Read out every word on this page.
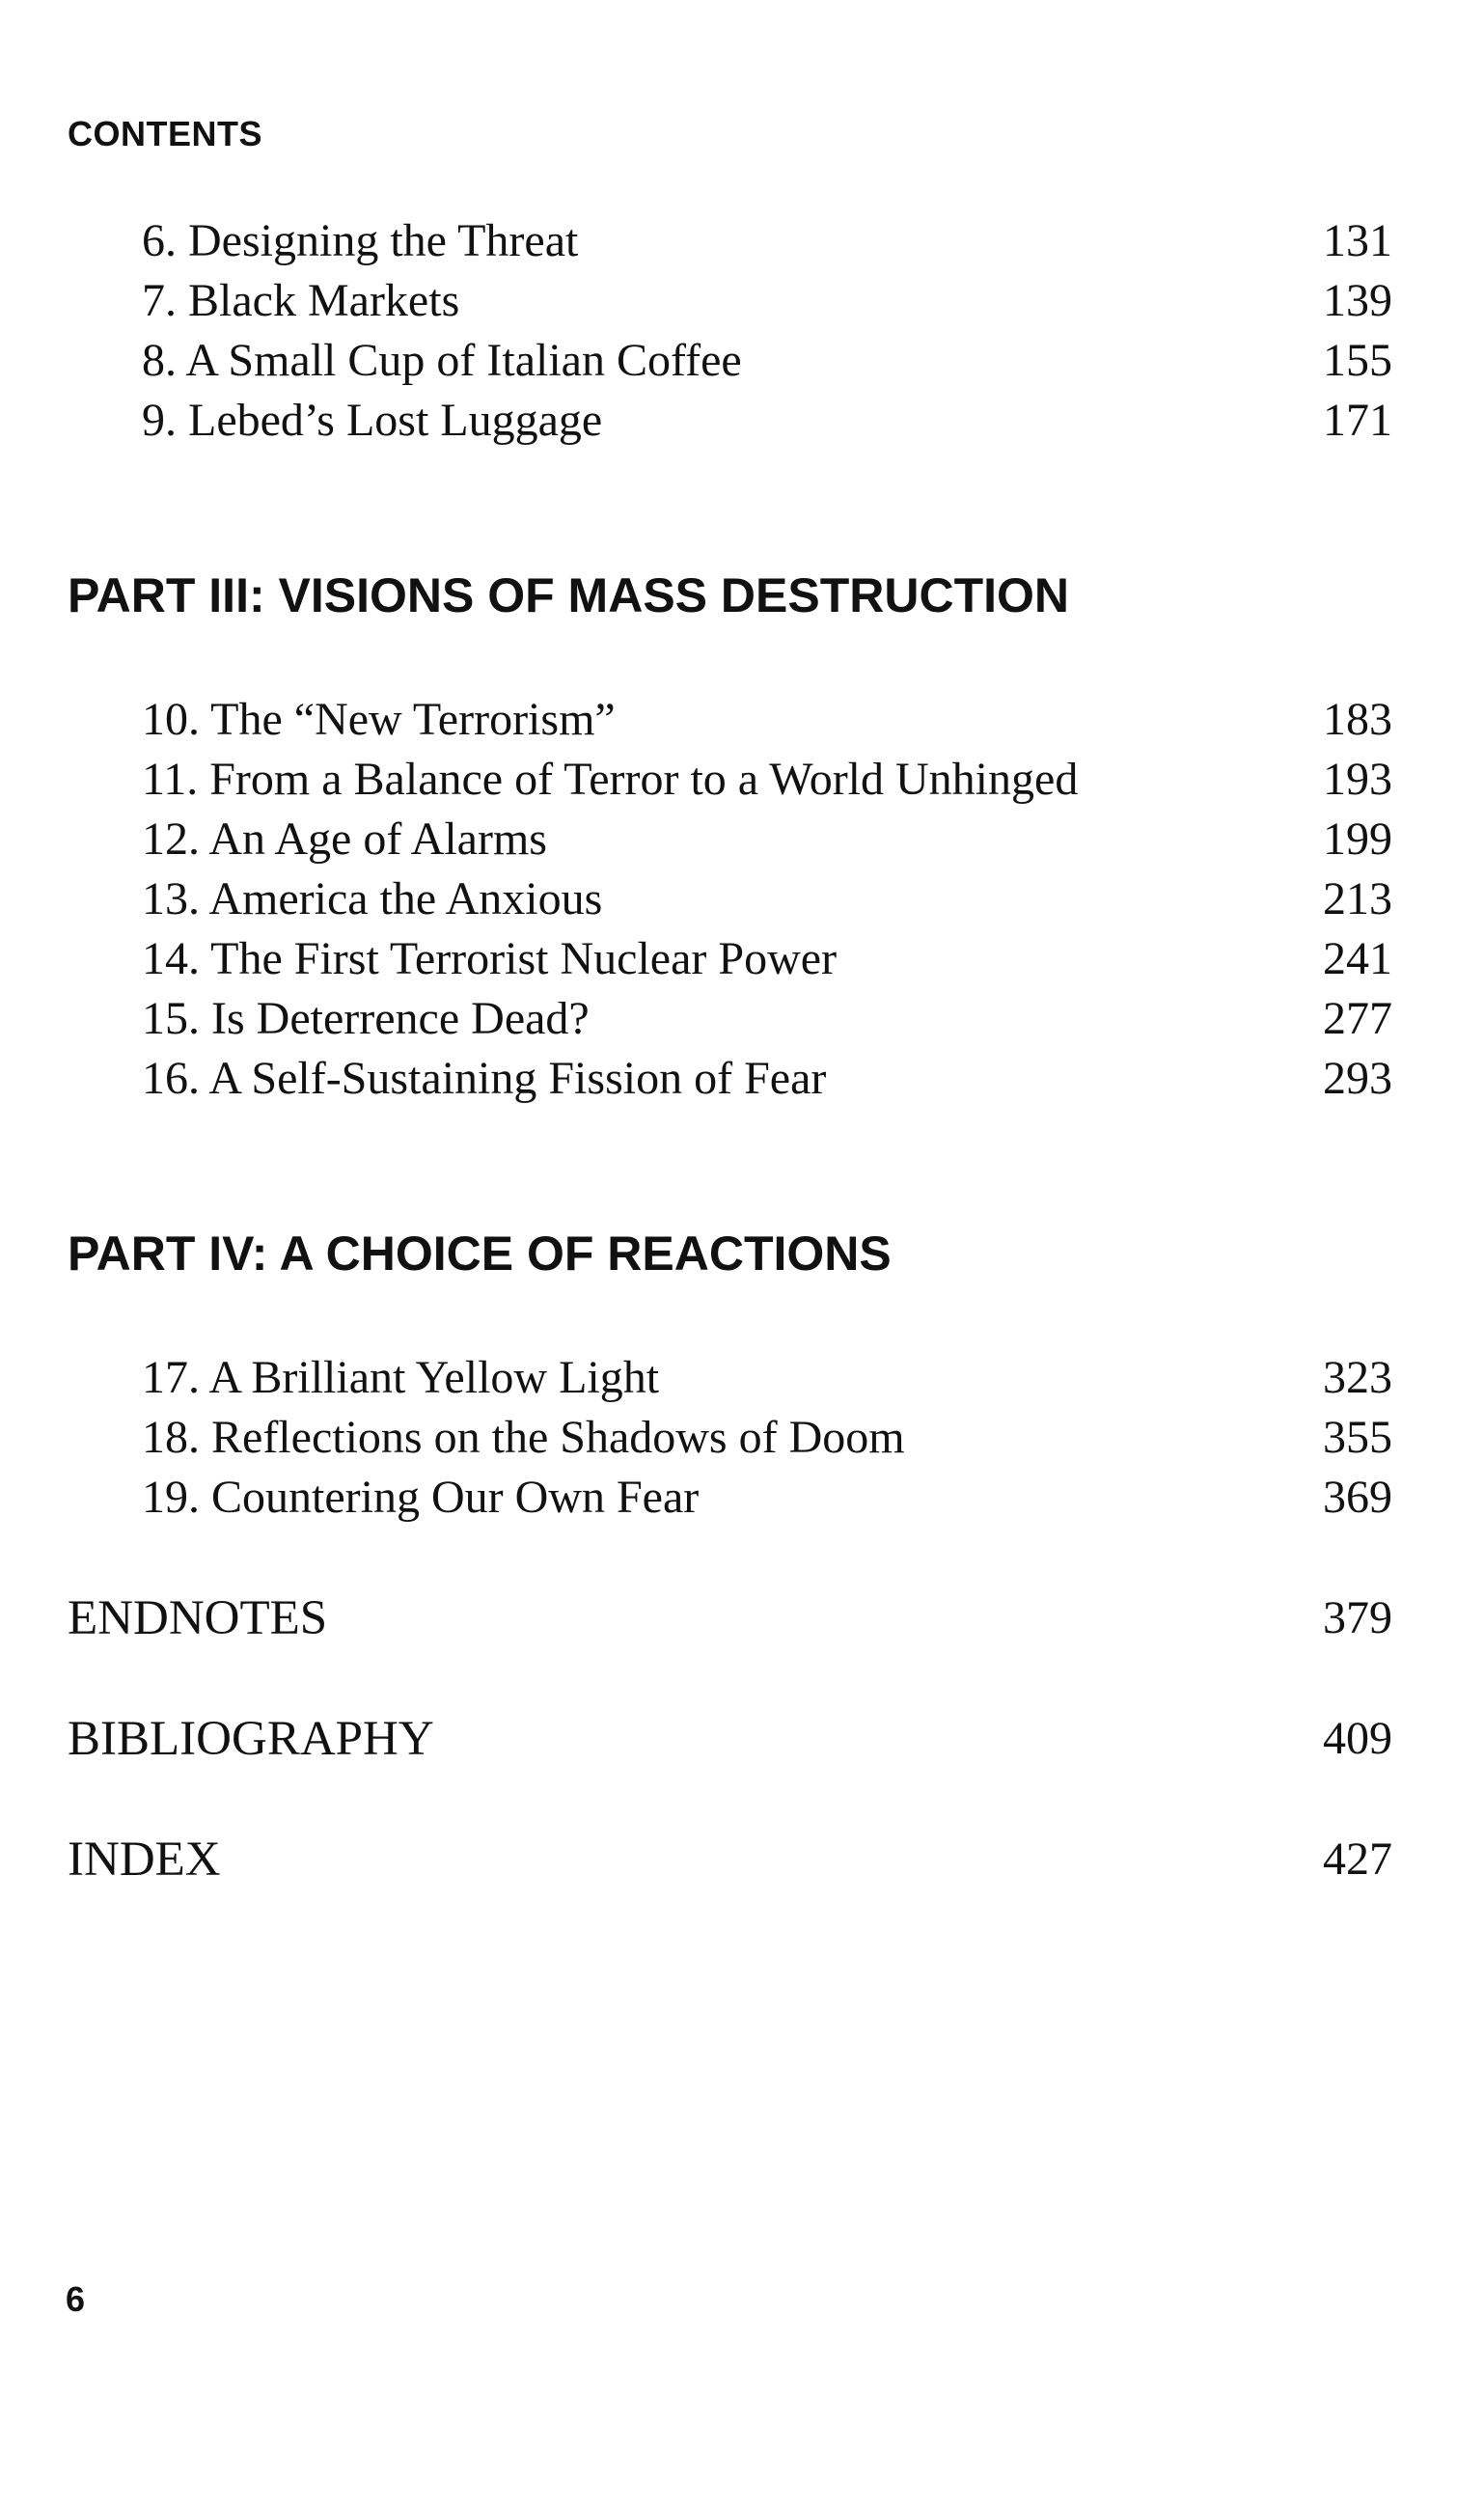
CONTENTS

6. Designing the Threat	131
7. Black Markets	139
8. A Small Cup of Italian Coffee	155
9. Lebed’s Lost Luggage	171
PART III: VISIONS OF MASS DESTRUCTION
10. The “New Terrorism”	183
11. From a Balance of Terror to a World Unhinged	193
12. An Age of Alarms	199
13. America the Anxious	213
14. The First Terrorist Nuclear Power	241
15. Is Deterrence Dead?	277
16. A Self-Sustaining Fission of Fear	293
PART IV: A CHOICE OF REACTIONS
17. A Brilliant Yellow Light	323
18. Reflections on the Shadows of Doom	355
19. Countering Our Own Fear	369
ENDNOTES	379
BIBLIOGRAPHY	409
INDEX	427

6
